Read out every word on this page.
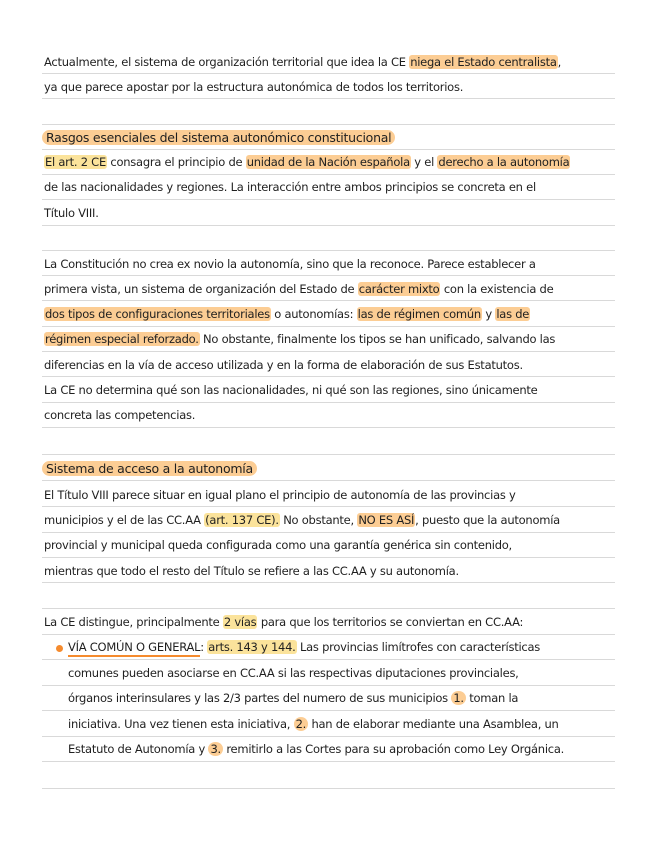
Actualmente, el sistema de organización territorial que idea la CE niega el Estado centralista,
ya que parece apostar por la estructura autonómica de todos los territorios.
Rasgos esenciales del sistema autonómico constitucional
El art. 2 CE consagra el principio de unidad de la Nación española y el derecho a la autonomía
de las nacionalidades y regiones. La interacción entre ambos principios se concreta en el
Título VIII.
La Constitución no crea ex novio la autonomía, sino que la reconoce. Parece establecer a
primera vista, un sistema de organización del Estado de carácter mixto con la existencia de
dos tipos de configuraciones territoriales o autonomías: las de régimen común y las de
régimen especial reforzado. No obstante, finalmente los tipos se han unificado, salvando las
diferencias en la vía de acceso utilizada y en la forma de elaboración de sus Estatutos.
La CE no determina qué son las nacionalidades, ni qué son las regiones, sino únicamente
concreta las competencias.
Sistema de acceso a la autonomía
El Título VIII parece situar en igual plano el principio de autonomía de las provincias y
municipios y el de las CC.AA (art. 137 CE). No obstante, NO ES ASÍ, puesto que la autonomía
provincial y municipal queda configurada como una garantía genérica sin contenido,
mientras que todo el resto del Título se refiere a las CC.AA y su autonomía.
La CE distingue, principalmente 2 vías para que los territorios se conviertan en CC.AA:
VÍA COMÚN O GENERAL: arts. 143 y 144. Las provincias limítrofes con características
comunes pueden asociarse en CC.AA si las respectivas diputaciones provinciales,
órganos interinsulares y las 2/3 partes del numero de sus municipios 1. toman la
iniciativa. Una vez tienen esta iniciativa, 2. han de elaborar mediante una Asamblea, un
Estatuto de Autonomía y 3. remitirlo a las Cortes para su aprobación como Ley Orgánica.
